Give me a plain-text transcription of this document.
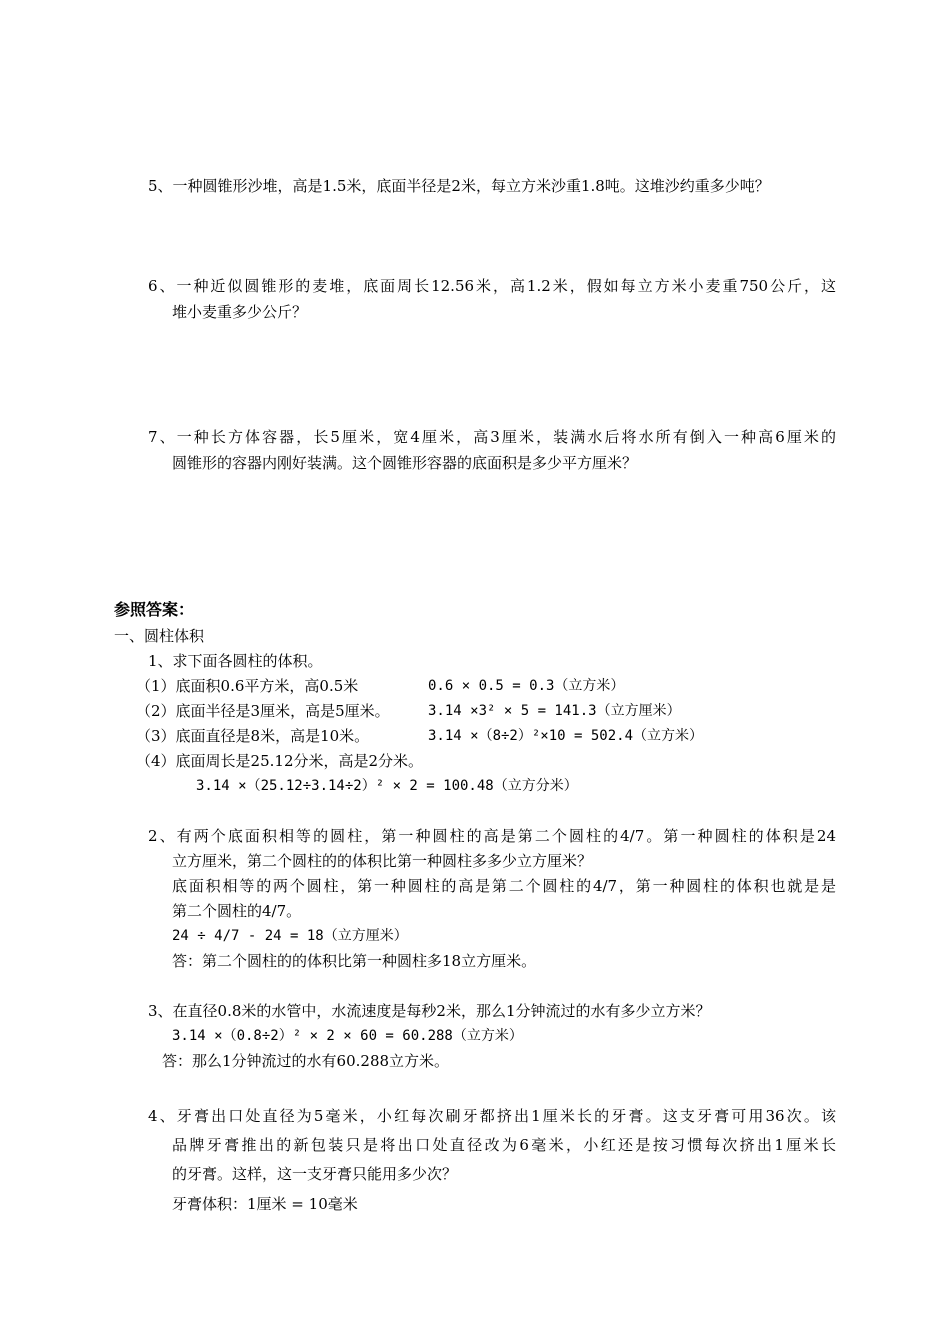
5、一种圆锥形沙堆，高是1.5米，底面半径是2米，每立方米沙重1.8吨。这堆沙约重多少吨？
6、一种近似圆锥形的麦堆，底面周长12.56米，高1.2米，假如每立方米小麦重750公斤，这
堆小麦重多少公斤？
7、一种长方体容器，长5厘米，宽4厘米，高3厘米，装满水后将水所有倒入一种高6厘米的
圆锥形的容器内刚好装满。这个圆锥形容器的底面积是多少平方厘米？
参照答案：
一、圆柱体积
1、求下面各圆柱的体积。
（1）底面积0.6平方米，高0.5米	0.6 × 0.5 = 0.3（立方米）
（2）底面半径是3厘米，高是5厘米。	3.14 ×3² × 5 = 141.3（立方厘米）
（3）底面直径是8米，高是10米。	3.14 ×（8÷2）²×10 = 502.4（立方米）
（4）底面周长是25.12分米，高是2分米。
3.14 ×（25.12÷3.14÷2）² × 2 = 100.48（立方分米）
2、有两个底面积相等的圆柱，第一种圆柱的高是第二个圆柱的4/7。第一种圆柱的体积是24
立方厘米，第二个圆柱的的体积比第一种圆柱多多少立方厘米？
底面积相等的两个圆柱，第一种圆柱的高是第二个圆柱的4/7，第一种圆柱的体积也就是是
第二个圆柱的4/7。
24 ÷ 4/7 - 24 = 18（立方厘米）
答：第二个圆柱的的体积比第一种圆柱多18立方厘米。
3、在直径0.8米的水管中，水流速度是每秒2米，那么1分钟流过的水有多少立方米？
3.14 ×（0.8÷2）² × 2 × 60 = 60.288（立方米）
答：那么1分钟流过的水有60.288立方米。
4、牙膏出口处直径为5毫米，小红每次刷牙都挤出1厘米长的牙膏。这支牙膏可用36次。该
品牌牙膏推出的新包装只是将出口处直径改为6毫米，小红还是按习惯每次挤出1厘米长
的牙膏。这样，这一支牙膏只能用多少次？
牙膏体积：1厘米 = 10毫米
